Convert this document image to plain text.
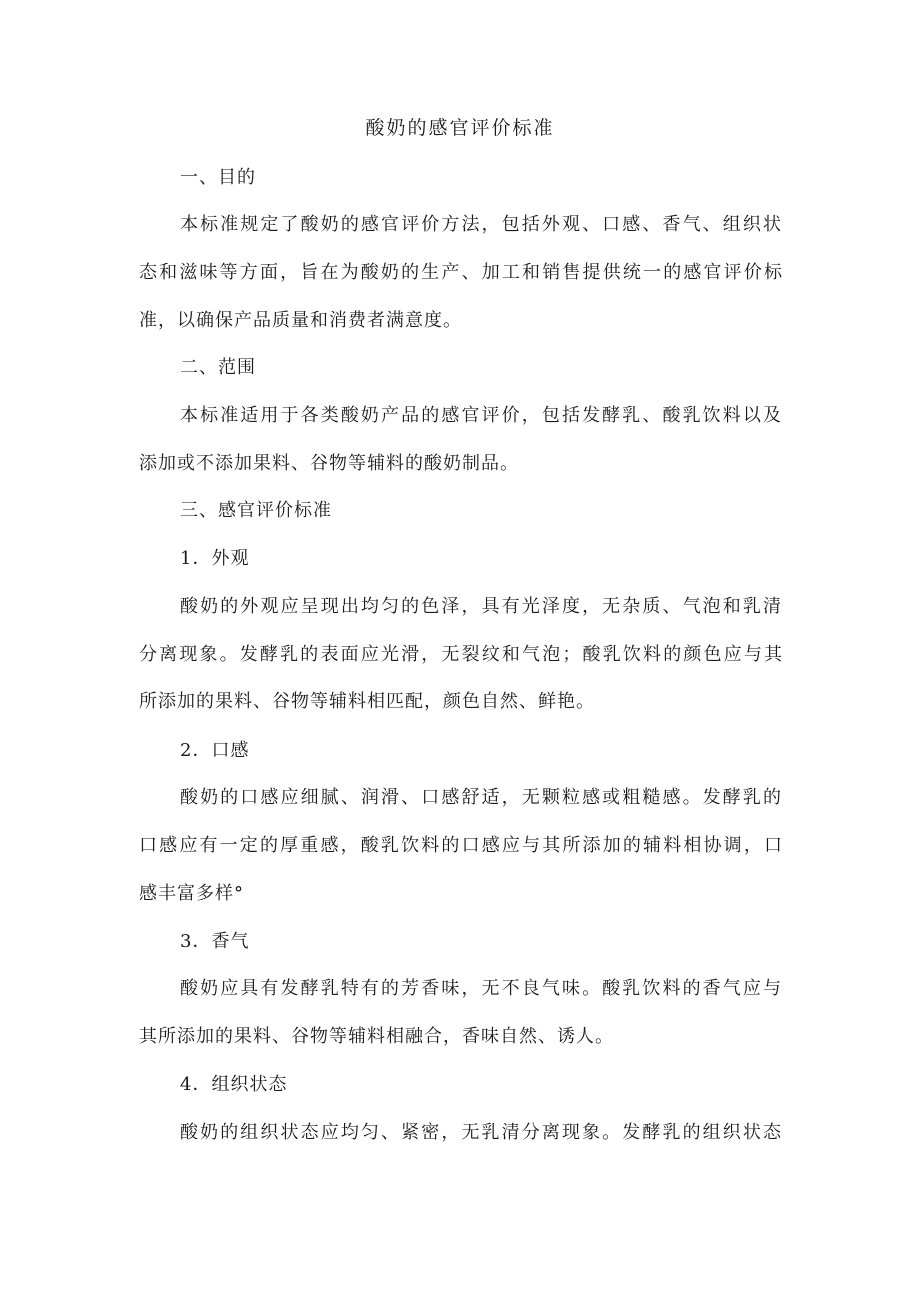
酸奶的感官评价标准
一、目的
本标准规定了酸奶的感官评价方法，包括外观、口感、香气、组织状
态和滋味等方面，旨在为酸奶的生产、加工和销售提供统一的感官评价标
准，以确保产品质量和消费者满意度。
二、范围
本标准适用于各类酸奶产品的感官评价，包括发酵乳、酸乳饮料以及
添加或不添加果料、谷物等辅料的酸奶制品。
三、感官评价标准
1．外观
酸奶的外观应呈现出均匀的色泽，具有光泽度，无杂质、气泡和乳清
分离现象。发酵乳的表面应光滑，无裂纹和气泡；酸乳饮料的颜色应与其
所添加的果料、谷物等辅料相匹配，颜色自然、鲜艳。
2．口感
酸奶的口感应细腻、润滑、口感舒适，无颗粒感或粗糙感。发酵乳的
口感应有一定的厚重感，酸乳饮料的口感应与其所添加的辅料相协调，口
感丰富多样°
3．香气
酸奶应具有发酵乳特有的芳香味，无不良气味。酸乳饮料的香气应与
其所添加的果料、谷物等辅料相融合，香味自然、诱人。
4．组织状态
酸奶的组织状态应均匀、紧密，无乳清分离现象。发酵乳的组织状态
